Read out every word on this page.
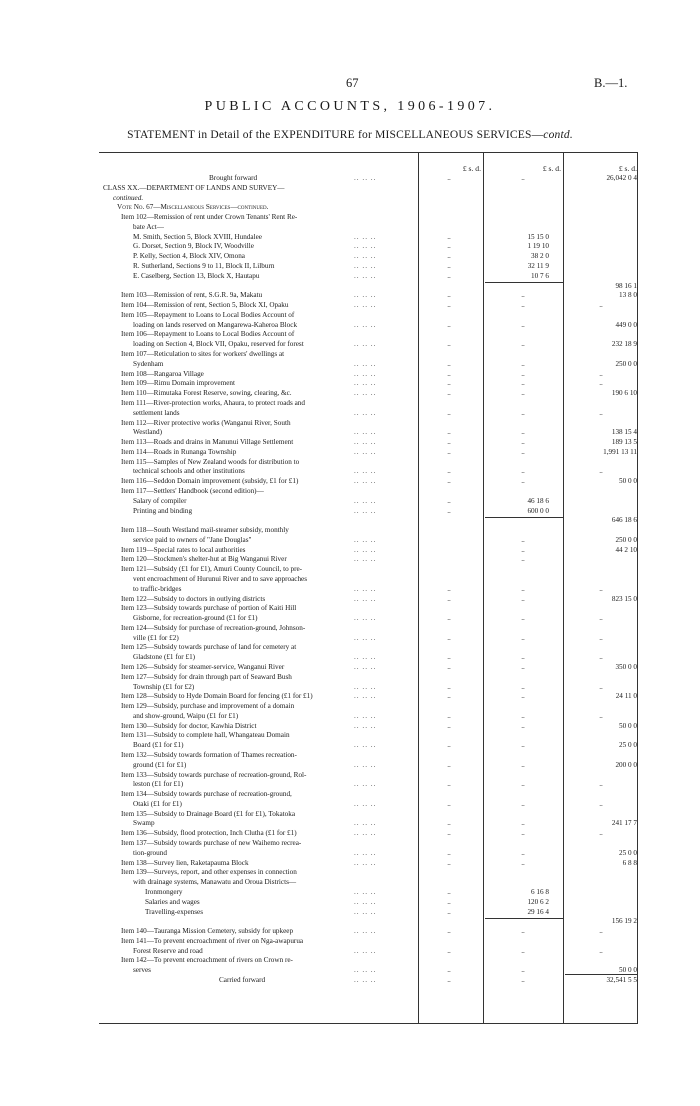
67	B.—1.
PUBLIC ACCOUNTS, 1906-1907.
STATEMENT in Detail of the EXPENDITURE for MISCELLANEOUS SERVICES—contd.
£ s. d.	£ s. d.	£ s. d.
Brought forward	.. .. ..	..	..	26,042 0 4
CLASS XX.—DEPARTMENT OF LANDS AND SURVEY—
continued.
Vote No. 67—Miscellaneous Services—continued.
Item 102—Remission of rent under Crown Tenants' Rent Re-
bate Act—
M. Smith, Section 5, Block XVIII, Hundalee	.. .. ..	..	15 15 0
G. Dorset, Section 9, Block IV, Woodville	.. .. ..	..	1 19 10
P. Kelly, Section 4, Block XIV, Omona	.. .. ..	..	38 2 0
R. Sutherland, Sections 9 to 11, Block II, Lilburn	.. .. ..	..	32 11 9
E. Caselberg, Section 13, Block X, Hautapu	.. .. ..	..	10 7 6
98 16 1
Item 103—Remission of rent, S.G.R. 9a, Makatu	.. .. ..	..	..	13 8 0
Item 104—Remission of rent, Section 5, Block XI, Opaku	.. .. ..	..	..	..
Item 105—Repayment to Loans to Local Bodies Account of
loading on lands reserved on Mangarewa-Kaheroa Block	.. .. ..	..	..	449 0 0
Item 106—Repayment to Loans to Local Bodies Account of
loading on Section 4, Block VII, Opaku, reserved for forest	.. .. ..	..	..	232 18 9
Item 107—Reticulation to sites for workers' dwellings at
Sydenham	.. .. ..	..	..	250 0 0
Item 108—Rangaroa Village	.. .. ..	..	..	..
Item 109—Rimu Domain improvement	.. .. ..	..	..	..
Item 110—Rimutaka Forest Reserve, sowing, clearing, &c.	.. .. ..	..	..	190 6 10
Item 111—River-protection works, Ahaura, to protect roads and
settlement lands	.. .. ..	..	..	..
Item 112—River protective works (Wanganui River, South
Westland)	.. .. ..	..	..	138 15 4
Item 113—Roads and drains in Manunui Village Settlement	.. .. ..	..	..	189 13 5
Item 114—Roads in Runanga Township	.. .. ..	..	..	1,991 13 11
Item 115—Samples of New Zealand woods for distribution to
technical schools and other institutions	.. .. ..	..	..	..
Item 116—Seddon Domain improvement (subsidy, £1 for £1)	.. .. ..	..	..	50 0 0
Item 117—Settlers' Handbook (second edition)—
Salary of compiler	.. .. ..	..	46 18 6
Printing and binding	.. .. ..	..	600 0 0
646 18 6
Item 118—South Westland mail-steamer subsidy, monthly
service paid to owners of "Jane Douglas"	.. .. ..	..	250 0 0
Item 119—Special rates to local authorities	.. .. ..	..	44 2 10
Item 120—Stockmen's shelter-hut at Big Wanganui River	.. .. ..	..
Item 121—Subsidy (£1 for £1), Amuri County Council, to pre-
vent encroachment of Hurunui River and to save approaches
to traffic-bridges	.. .. ..	..	..	..
Item 122—Subsidy to doctors in outlying districts	.. .. ..	..	..	823 15 0
Item 123—Subsidy towards purchase of portion of Kaiti Hill
Gisborne, for recreation-ground (£1 for £1)	.. .. ..	..	..	..
Item 124—Subsidy for purchase of recreation-ground, Johnson-
ville (£1 for £2)	.. .. ..	..	..	..
Item 125—Subsidy towards purchase of land for cemetery at
Gladstone (£1 for £1)	.. .. ..	..	..	..
Item 126—Subsidy for steamer-service, Wanganui River	.. .. ..	..	..	350 0 0
Item 127—Subsidy for drain through part of Seaward Bush
Township (£1 for £2)	.. .. ..	..	..	..
Item 128—Subsidy to Hyde Domain Board for fencing (£1 for £1)	.. .. ..	..	..	24 11 0
Item 129—Subsidy, purchase and improvement of a domain
and show-ground, Waipu (£1 for £1)	.. .. ..	..	..	..
Item 130—Subsidy for doctor, Kawhia District	.. .. ..	..	..	50 0 0
Item 131—Subsidy to complete hall, Whangateau Domain
Board (£1 for £1)	.. .. ..	..	..	25 0 0
Item 132—Subsidy towards formation of Thames recreation-
ground (£1 for £1)	.. .. ..	..	..	200 0 0
Item 133—Subsidy towards purchase of recreation-ground, Rol-
leston (£1 for £1)	.. .. ..	..	..	..
Item 134—Subsidy towards purchase of recreation-ground,
Otaki (£1 for £1)	.. .. ..	..	..	..
Item 135—Subsidy to Drainage Board (£1 for £1), Tokatoka
Swamp	.. .. ..	..	..	241 17 7
Item 136—Subsidy, flood protection, Inch Clutha (£1 for £1)	.. .. ..	..	..	..
Item 137—Subsidy towards purchase of new Waihemo recrea-
tion-ground	.. .. ..	..	..	25 0 0
Item 138—Survey lien, Raketapauma Block	.. .. ..	..	..	6 8 8
Item 139—Surveys, report, and other expenses in connection
with drainage systems, Manawatu and Oroua Districts—
Ironmongery	.. .. ..	..	6 16 8
Salaries and wages	.. .. ..	..	120 6 2
Travelling-expenses	.. .. ..	..	29 16 4
156 19 2
Item 140—Tauranga Mission Cemetery, subsidy for upkeep	.. .. ..	..	..	..
Item 141—To prevent encroachment of river on Nga-awapurua
Forest Reserve and road	.. .. ..	..	..	..
Item 142—To prevent encroachment of rivers on Crown re-
serves	.. .. ..	..	..	50 0 0
Carried forward	.. .. ..	..	..	32,541 5 5
